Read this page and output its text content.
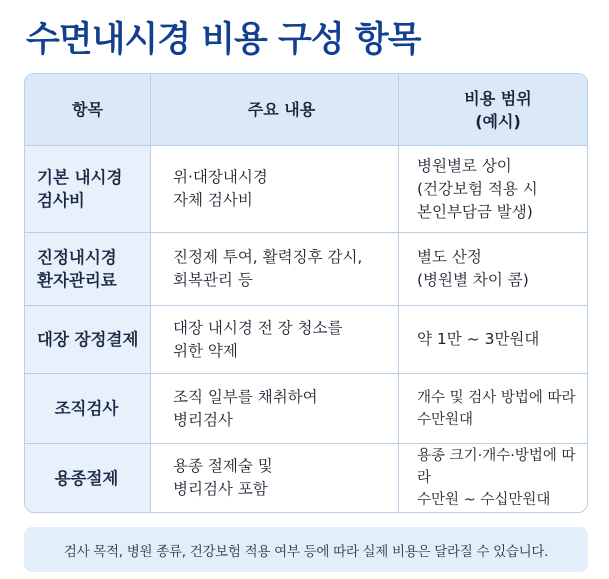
수면내시경 비용 구성 항목
항목	주요 내용
비용 범위
(예시)
기본 내시경
검사비
위·대장내시경
자체 검사비
병원별로 상이
(건강보험 적용 시
본인부담금 발생)
진정내시경
환자관리료
진정제 투여, 활력징후 감시,
회복관리 등
별도 산정
(병원별 차이 콤)
대장 장정결제
대장 내시경 전 장 청소를
위한 약제
약 1만 ~ 3만원대
조직검사
조직 일부를 채취하여
병리검사
개수 및 검사 방법에 따라
수만원대
용종절제
용종 절제술 및
병리검사 포함
용종 크기·개수·방법에 따라
수만원 ~ 수십만원대
검사 목적, 병원 종류, 건강보험 적용 여부 등에 따라 실제 비용은 달라질 수 있습니다.
